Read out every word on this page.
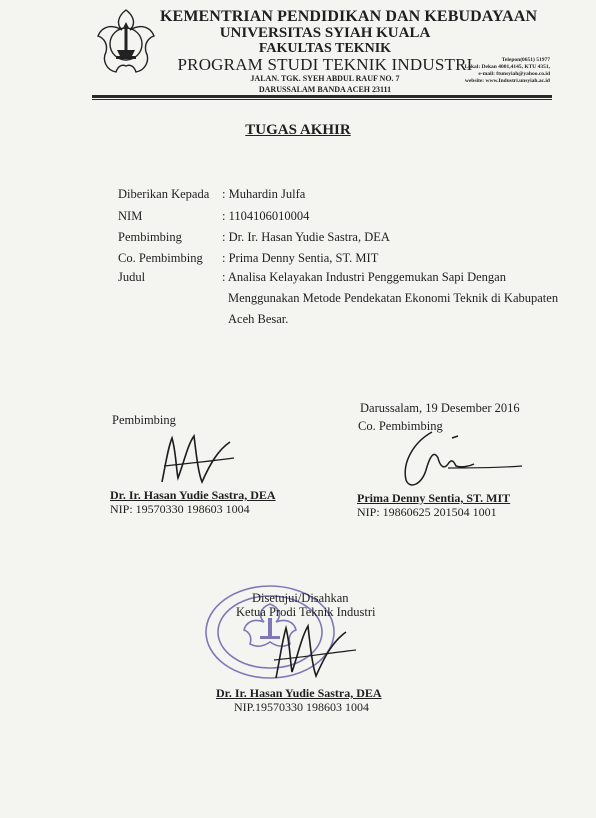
KEMENTRIAN PENDIDIKAN DAN KEBUDAYAAN
UNIVERSITAS SYIAH KUALA
FAKULTAS TEKNIK
PROGRAM STUDI TEKNIK INDUSTRI
JALAN. TGK. SYEH ABDUL RAUF NO. 7
DARUSSALAM BANDA ACEH 23111
Telepon(0651) 51977
Lokal: Dekan 4001,4145, KTU 4351,
e-mail: ftunsyiah@yahoo.co.id
website: www.Industri.unsyiah.ac.id
TUGAS AKHIR
Diberikan Kepada : Muhardin Julfa
NIM	: 1104106010004
Pembimbing	: Dr. Ir. Hasan Yudie Sastra, DEA
Co. Pembimbing : Prima Denny Sentia, ST. MIT
Judul	: Analisa Kelayakan Industri Penggemukan Sapi Dengan
Menggunakan Metode Pendekatan Ekonomi Teknik di Kabupaten
Aceh Besar.
Pembimbing
Dr. Ir. Hasan Yudie Sastra, DEA
NIP: 19570330 198603 1004
Darussalam, 19 Desember 2016
Co. Pembimbing
Prima Denny Sentia, ST. MIT
NIP: 19860625 201504 1001
Disetujui/Disahkan
Ketua Prodi Teknik Industri
Dr. Ir. Hasan Yudie Sastra, DEA
NIP.19570330 198603 1004
